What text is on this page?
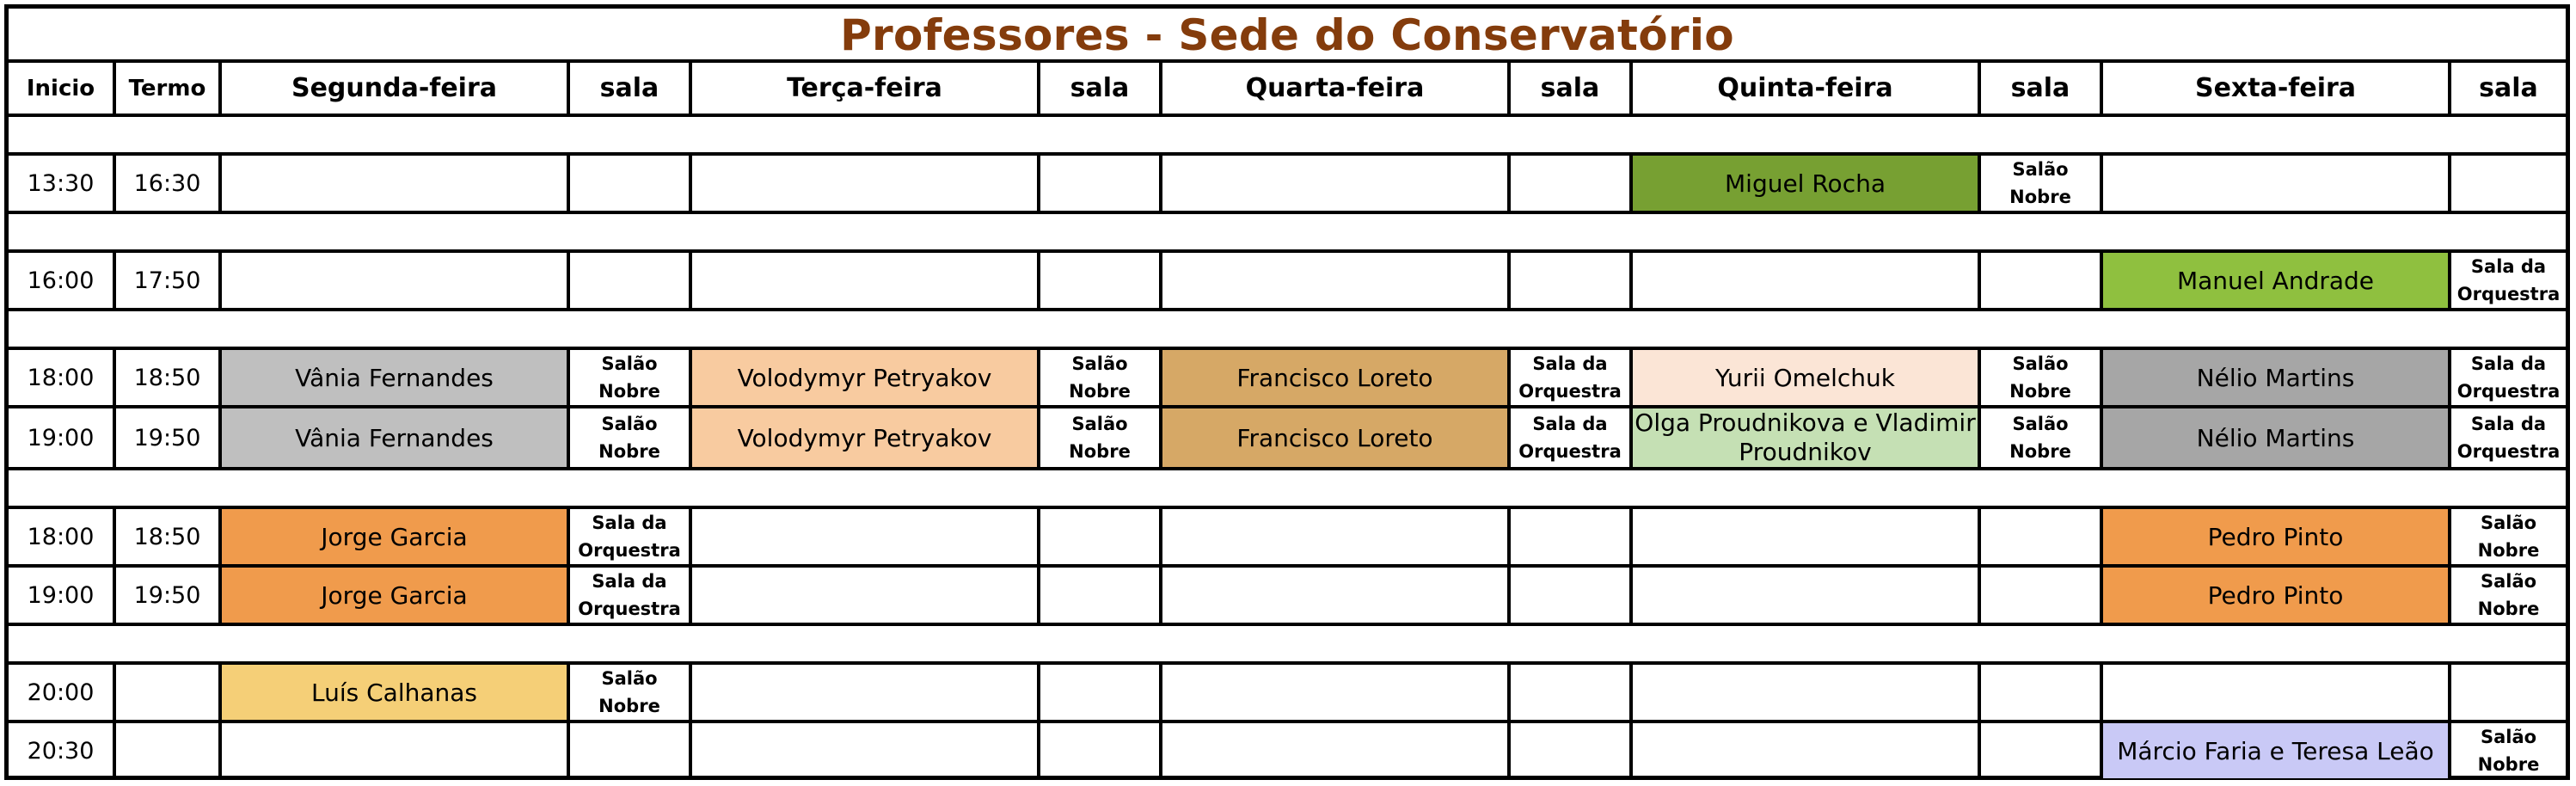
Professores - Sede do Conservatório
Inicio	Termo	Segunda-feira	sala	Terça-feira	sala	Quarta-feira	sala	Quinta-feira	sala	Sexta-feira	sala

13:30	16:30							Miguel Rocha	Salão Nobre		

16:00	17:50									Manuel Andrade	Sala da Orquestra

18:00	18:50	Vânia Fernandes	Salão Nobre	Volodymyr Petryakov	Salão Nobre	Francisco Loreto	Sala da Orquestra	Yurii Omelchuk	Salão Nobre	Nélio Martins	Sala da Orquestra
19:00	19:50	Vânia Fernandes	Salão Nobre	Volodymyr Petryakov	Salão Nobre	Francisco Loreto	Sala da Orquestra	Olga Proudnikova e Vladimir Proudnikov	Salão Nobre	Nélio Martins	Sala da Orquestra

18:00	18:50	Jorge Garcia	Sala da Orquestra							Pedro Pinto	Salão Nobre
19:00	19:50	Jorge Garcia	Sala da Orquestra							Pedro Pinto	Salão Nobre

20:00		Luís Calhanas	Salão Nobre								
20:30										Márcio Faria e Teresa Leão	Salão Nobre
